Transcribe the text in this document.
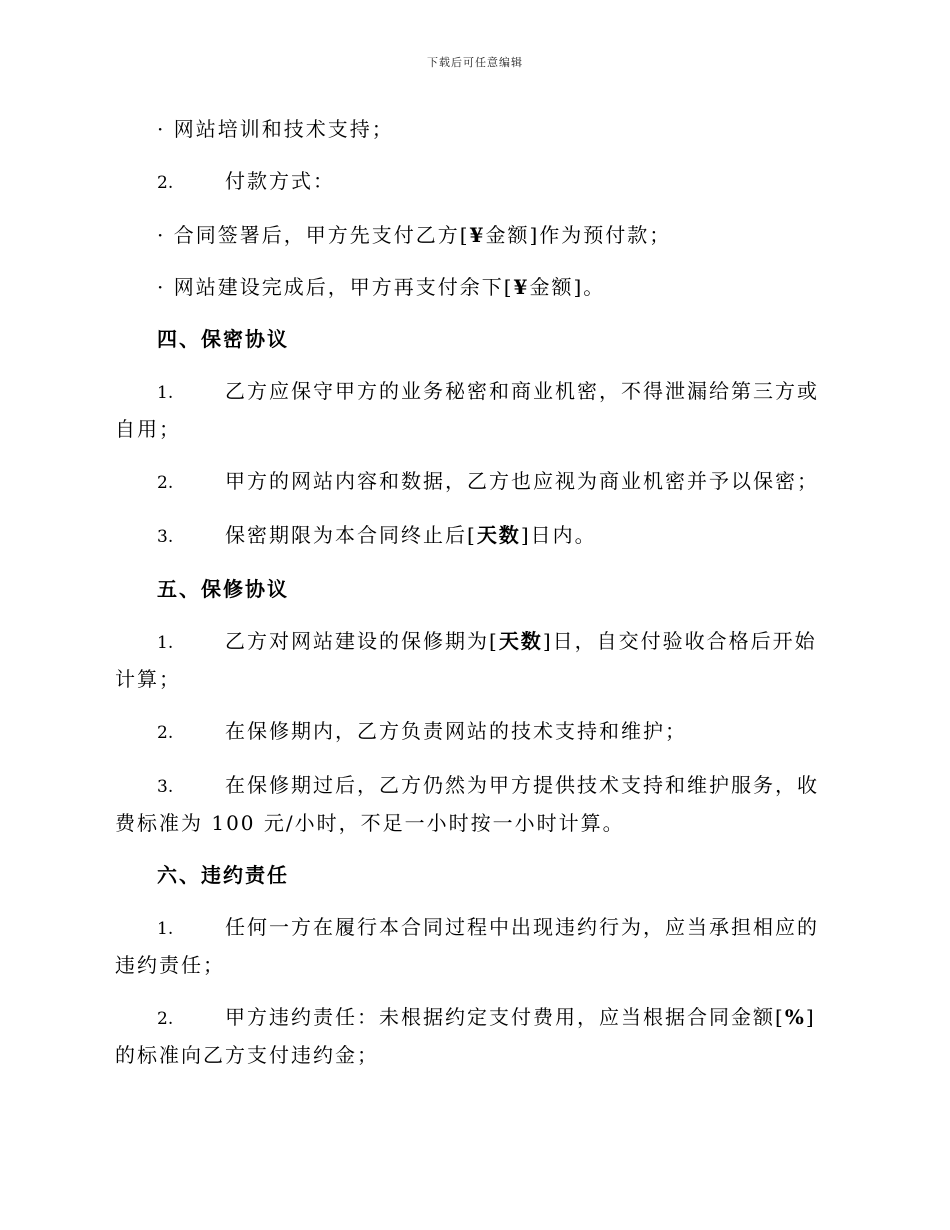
下载后可任意编辑
· 网站培训和技术支持；
2.	付款方式：
· 合同签署后，甲方先支付乙方[¥金额]作为预付款；
· 网站建设完成后，甲方再支付余下[¥金额]。
四、保密协议
1.	乙方应保守甲方的业务秘密和商业机密，不得泄漏给第三方或自用；
2.	甲方的网站内容和数据，乙方也应视为商业机密并予以保密；
3.	保密期限为本合同终止后[天数]日内。
五、保修协议
1.	乙方对网站建设的保修期为[天数]日，自交付验收合格后开始计算；
2.	在保修期内，乙方负责网站的技术支持和维护；
3.	在保修期过后，乙方仍然为甲方提供技术支持和维护服务，收费标准为 100 元/小时，不足一小时按一小时计算。
六、违约责任
1.	任何一方在履行本合同过程中出现违约行为，应当承担相应的违约责任；
2.	甲方违约责任：未根据约定支付费用，应当根据合同金额[%]的标准向乙方支付违约金；
